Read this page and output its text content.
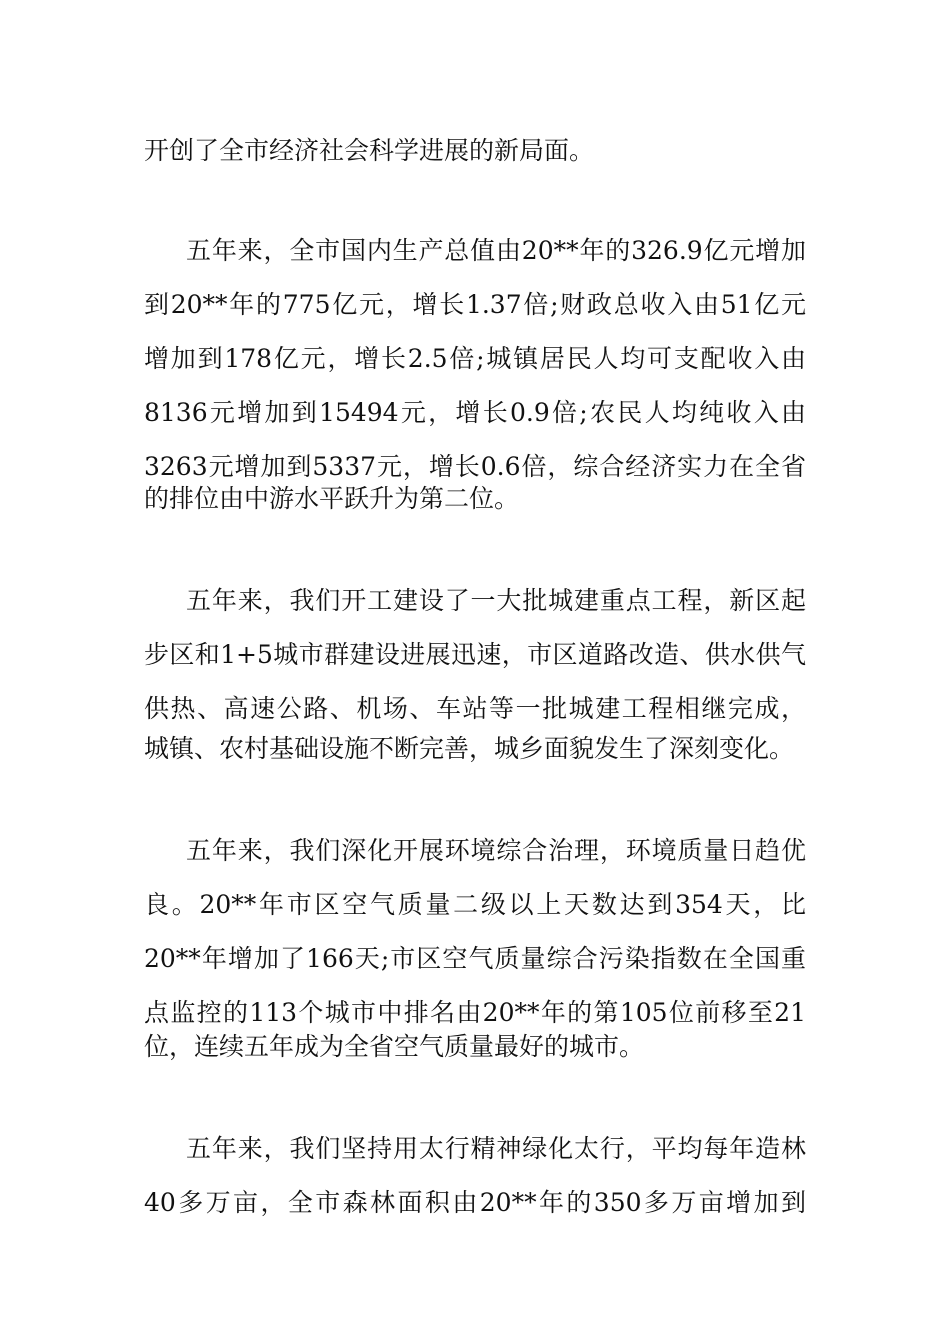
开创了全市经济社会科学进展的新局面。
五年来，全市国内生产总值由20**年的326.9亿元增加
到20**年的775亿元，增长1.37倍;财政总收入由51亿元
增加到178亿元，增长2.5倍;城镇居民人均可支配收入由
8136元增加到15494元，增长0.9倍;农民人均纯收入由
3263元增加到5337元，增长0.6倍，综合经济实力在全省
的排位由中游水平跃升为第二位。
五年来，我们开工建设了一大批城建重点工程，新区起
步区和1+5城市群建设进展迅速，市区道路改造、供水供气
供热、高速公路、机场、车站等一批城建工程相继完成，
城镇、农村基础设施不断完善，城乡面貌发生了深刻变化。
五年来，我们深化开展环境综合治理，环境质量日趋优
良。20**年市区空气质量二级以上天数达到354天，比
20**年增加了166天;市区空气质量综合污染指数在全国重
点监控的113个城市中排名由20**年的第105位前移至21
位，连续五年成为全省空气质量最好的城市。
五年来，我们坚持用太行精神绿化太行，平均每年造林
40多万亩，全市森林面积由20**年的350多万亩增加到
